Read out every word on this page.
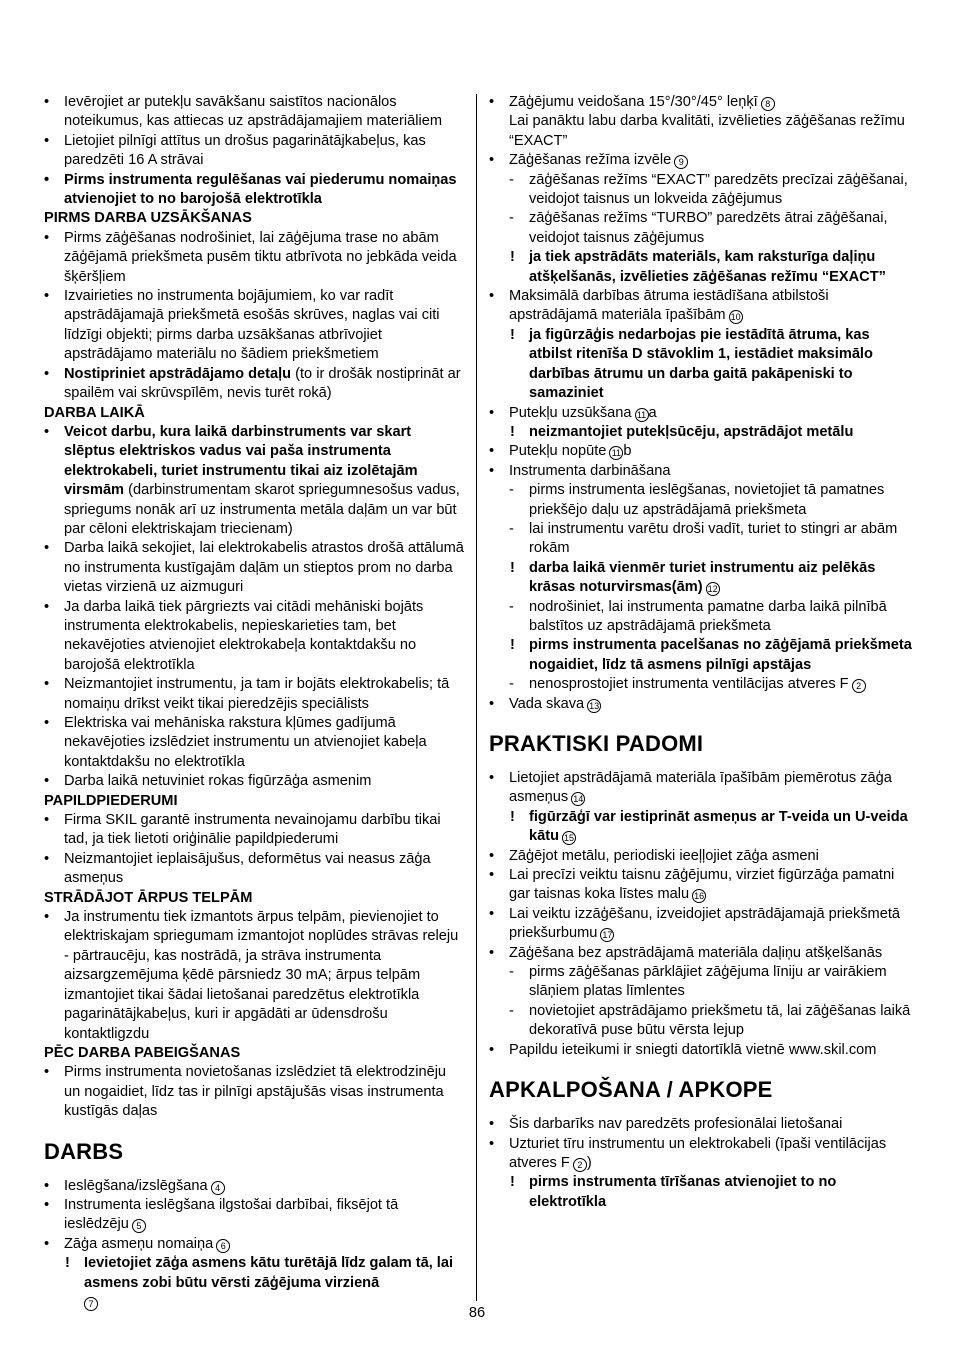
• Ievērojiet ar putekļu savākšanu saistītos nacionālos noteikumus, kas attiecas uz apstrādājamajiem materiāliem
• Lietojiet pilnīgi attītus un drošus pagarinātājkabeļus, kas paredzēti 16 A strāvai
• Pirms instrumenta regulēšanas vai piederumu nomaiņas atvienojiet to no barojošā elektrotīkla
PIRMS DARBA UZSĀKŠANAS
• Pirms zāģēšanas nodrošiniet, lai zāģējuma trase no abām zāģējamā priekšmeta pusēm tiktu atbrīvota no jebkāda veida šķēršļiem
• Izvairieties no instrumenta bojājumiem, ko var radīt apstrādājamajā priekšmetā esošās skrūves, naglas vai citi līdzīgi objekti; pirms darba uzsākšanas atbrīvojiet apstrādājamo materiālu no šādiem priekšmetiem
• Nostipriniet apstrādājamo detaļu (to ir drošāk nostiprināt ar spailēm vai skrūvspīlēm, nevis turēt rokā)
DARBA LAIKĀ
• Veicot darbu, kura laikā darbinstruments var skart slēptus elektriskos vadus vai paša instrumenta elektrokabeli, turiet instrumentu tikai aiz izolētajām virsmām (darbinstrumentam skarot spriegumnesošus vadus, spriegums nonāk arī uz instrumenta metāla daļām un var būt par cēloni elektriskajam triecienam)
• Darba laikā sekojiet, lai elektrokabelis atrastos drošā attālumā no instrumenta kustīgajām daļām un stieptos prom no darba vietas virzienā uz aizmuguri
• Ja darba laikā tiek pārgriezts vai citādi mehāniski bojāts instrumenta elektrokabelis, nepieskarieties tam, bet nekavējoties atvienojiet elektrokabeļa kontaktdakšu no barojošā elektrotīkla
• Neizmantojiet instrumentu, ja tam ir bojāts elektrokabelis; tā nomaiņu drīkst veikt tikai pieredzējis speciālists
• Elektriska vai mehāniska rakstura kļūmes gadījumā nekavējoties izslēdziet instrumentu un atvienojiet kabeļa kontaktdakšu no elektrotīkla
• Darba laikā netuviniet rokas figūrzāģa asmenim
PAPILDPIEDERUMI
• Firma SKIL garantē instrumenta nevainojamu darbību tikai tad, ja tiek lietoti oriģinālie papildpiederumi
• Neizmantojiet ieplaisājušus, deformētus vai neasus zāģa asmeņus
STRĀDĀJOT ĀRPUS TELPĀM
• Ja instrumentu tiek izmantots ārpus telpām, pievienojiet to elektriskajam spriegumam izmantojot noplūdes strāvas releju - pārtraucēju, kas nostrādā, ja strāva instrumenta aizsargzemējuma ķēdē pārsniedz 30 mA; ārpus telpām izmantojiet tikai šādai lietošanai paredzētus elektrotīkla pagarinātājkabeļus, kuri ir apgādāti ar ūdensdrošu kontaktligzdu
PĒC DARBA PABEIGŠANAS
• Pirms instrumenta novietošanas izslēdziet tā elektrodzinēju un nogaidiet, līdz tas ir pilnīgi apstājušās visas instrumenta kustīgās daļas
DARBS
• Ieslēgšana/izslēgšana 4
• Instrumenta ieslēgšana ilgstošai darbībai, fiksējot tā ieslēdzēju 5
• Zāģa asmeņu nomaiņa 6
! Ievietojiet zāģa asmens kātu turētājā līdz galam tā, lai asmens zobi būtu vērsti zāģējuma virzienā
7
• Zāģējumu veidošana 15°/30°/45° leņķī 8
Lai panāktu labu darba kvalitāti, izvēlieties zāģēšanas režīmu “EXACT”
• Zāģēšanas režīma izvēle 9
- zāģēšanas režīms “EXACT” paredzēts precīzai zāģēšanai, veidojot taisnus un lokveida zāģējumus
- zāģēšanas režīms “TURBO” paredzēts ātrai zāģēšanai, veidojot taisnus zāģējumus
! ja tiek apstrādāts materiāls, kam raksturīga daļiņu atšķelšanās, izvēlieties zāģēšanas režīmu “EXACT”
• Maksimālā darbības ātruma iestādīšana atbilstoši apstrādājamā materiāla īpašībām 10
! ja figūrzāģis nedarbojas pie iestādītā ātruma, kas atbilst ritenīša D stāvoklim 1, iestādiet maksimālo darbības ātrumu un darba gaitā pakāpeniski to samaziniet
• Putekļu uzsūkšana 11 a
! neizmantojiet putekļsūcēju, apstrādājot metālu
• Putekļu nopūte 11 b
• Instrumenta darbināšana
- pirms instrumenta ieslēgšanas, novietojiet tā pamatnes priekšējo daļu uz apstrādājamā priekšmeta
- lai instrumentu varētu droši vadīt, turiet to stingri ar abām rokām
! darba laikā vienmēr turiet instrumentu aiz pelēkās krāsas noturvirsmas(ām) 12
- nodrošiniet, lai instrumenta pamatne darba laikā pilnībā balstītos uz apstrādājamā priekšmeta
! pirms instrumenta pacelšanas no zāģējamā priekšmeta nogaidiet, līdz tā asmens pilnīgi apstājas
- nenosprostojiet instrumenta ventilācijas atveres F 2
• Vada skava 13
PRAKTISKI PADOMI
• Lietojiet apstrādājamā materiāla īpašībām piemērotus zāģa asmeņus 14
! figūrzāģī var iestiprināt asmeņus ar T-veida un U-veida kātu 15
• Zāģējot metālu, periodiski ieeļļojiet zāģa asmeni
• Lai precīzi veiktu taisnu zāģējumu, virziet figūrzāģa pamatni gar taisnas koka līstes malu 16
• Lai veiktu izzāģēšanu, izveidojiet apstrādājamajā priekšmetā priekšurbumu 17
• Zāģēšana bez apstrādājamā materiāla daļiņu atšķelšanās
- pirms zāģēšanas pārklājiet zāģējuma līniju ar vairākiem slāņiem platas līmlentes
- novietojiet apstrādājamo priekšmetu tā, lai zāģēšanas laikā dekoratīvā puse būtu vērsta lejup
• Papildu ieteikumi ir sniegti datortīklā vietnē www.skil.com
APKALPOŠANA / APKOPE
• Šis darbarīks nav paredzēts profesionālai lietošanai
• Uzturiet tīru instrumentu un elektrokabeli (īpaši ventilācijas atveres F 2 )
! pirms instrumenta tīrīšanas atvienojiet to no elektrotīkla
86
